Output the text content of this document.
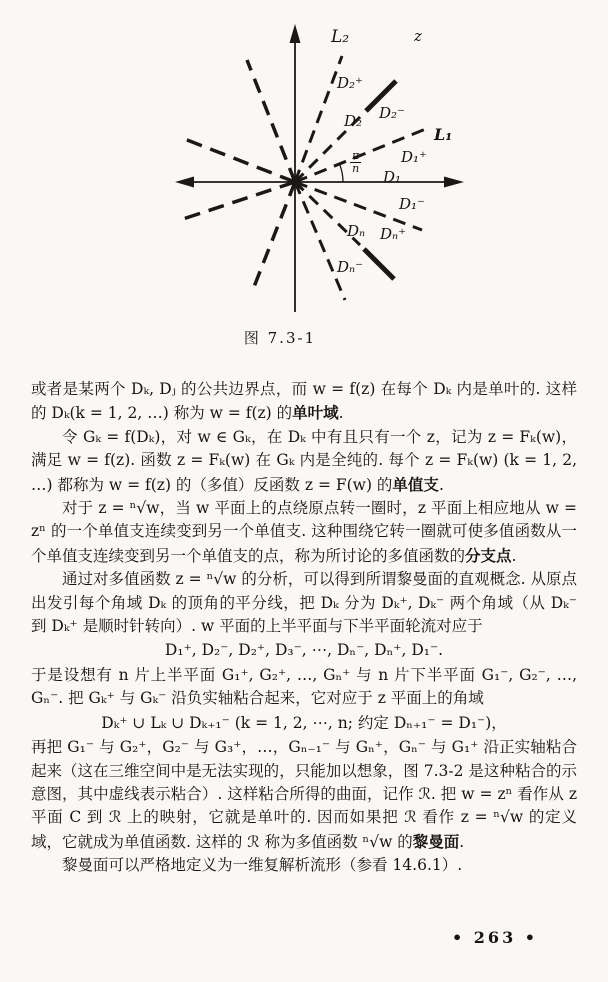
L₂	z
D₂⁺
D₂ D₂⁻
L₁
D₁⁺
$\frac{\pi}{n}$
D₁
D₁⁻
Dₙ Dₙ⁺
Dₙ⁻
图 7.3-1

或者是某两个 Dₖ, Dⱼ 的公共边界点，而 w = f(z) 在每个 Dₖ 内是单叶的. 这样的 Dₖ(k = 1, 2, …) 称为 w = f(z) 的单叶域.

令 Gₖ = f(Dₖ)，对 w ∈ Gₖ，在 Dₖ 中有且只有一个 z，记为 z = Fₖ(w)，满足 w = f(z). 函数 z = Fₖ(w) 在 Gₖ 内是全纯的. 每个 z = Fₖ(w) (k = 1, 2, …) 都称为 w = f(z) 的（多值）反函数 z = F(w) 的单值支.

对于 z = ⁿ√w，当 w 平面上的点绕原点转一圈时，z 平面上相应地从 w = zⁿ 的一个单值支连续变到另一个单值支. 这种围绕它转一圈就可使多值函数从一个单值支连续变到另一个单值支的点，称为所讨论的多值函数的分支点.

通过对多值函数 z = ⁿ√w 的分析，可以得到所谓黎曼面的直观概念. 从原点出发引每个角域 Dₖ 的顶角的平分线，把 Dₖ 分为 Dₖ⁺, Dₖ⁻ 两个角域（从 Dₖ⁻ 到 Dₖ⁺ 是顺时针转向）. w 平面的上半平面与下半平面轮流对应于

D₁⁺, D₂⁻, D₂⁺, D₃⁻, ⋯, Dₙ⁻, Dₙ⁺, D₁⁻.

于是设想有 n 片上半平面 G₁⁺, G₂⁺, …, Gₙ⁺ 与 n 片下半平面 G₁⁻, G₂⁻, …, Gₙ⁻. 把 Gₖ⁺ 与 Gₖ⁻ 沿负实轴粘合起来，它对应于 z 平面上的角域

Dₖ⁺ ∪ Lₖ ∪ Dₖ₊₁⁻ (k = 1, 2, ⋯, n; 约定 Dₙ₊₁⁻ = D₁⁻)，

再把 G₁⁻ 与 G₂⁺，G₂⁻ 与 G₃⁺，…，Gₙ₋₁⁻ 与 Gₙ⁺，Gₙ⁻ 与 G₁⁺ 沿正实轴粘合起来（这在三维空间中是无法实现的，只能加以想象，图 7.3-2 是这种粘合的示意图，其中虚线表示粘合）. 这样粘合所得的曲面，记作 ℛ. 把 w = zⁿ 看作从 z 平面 C 到 ℛ 上的映射，它就是单叶的. 因而如果把 ℛ 看作 z = ⁿ√w 的定义域，它就成为单值函数. 这样的 ℛ 称为多值函数 ⁿ√w 的黎曼面.

黎曼面可以严格地定义为一维复解析流形（参看 14.6.1）.

• 263 •
